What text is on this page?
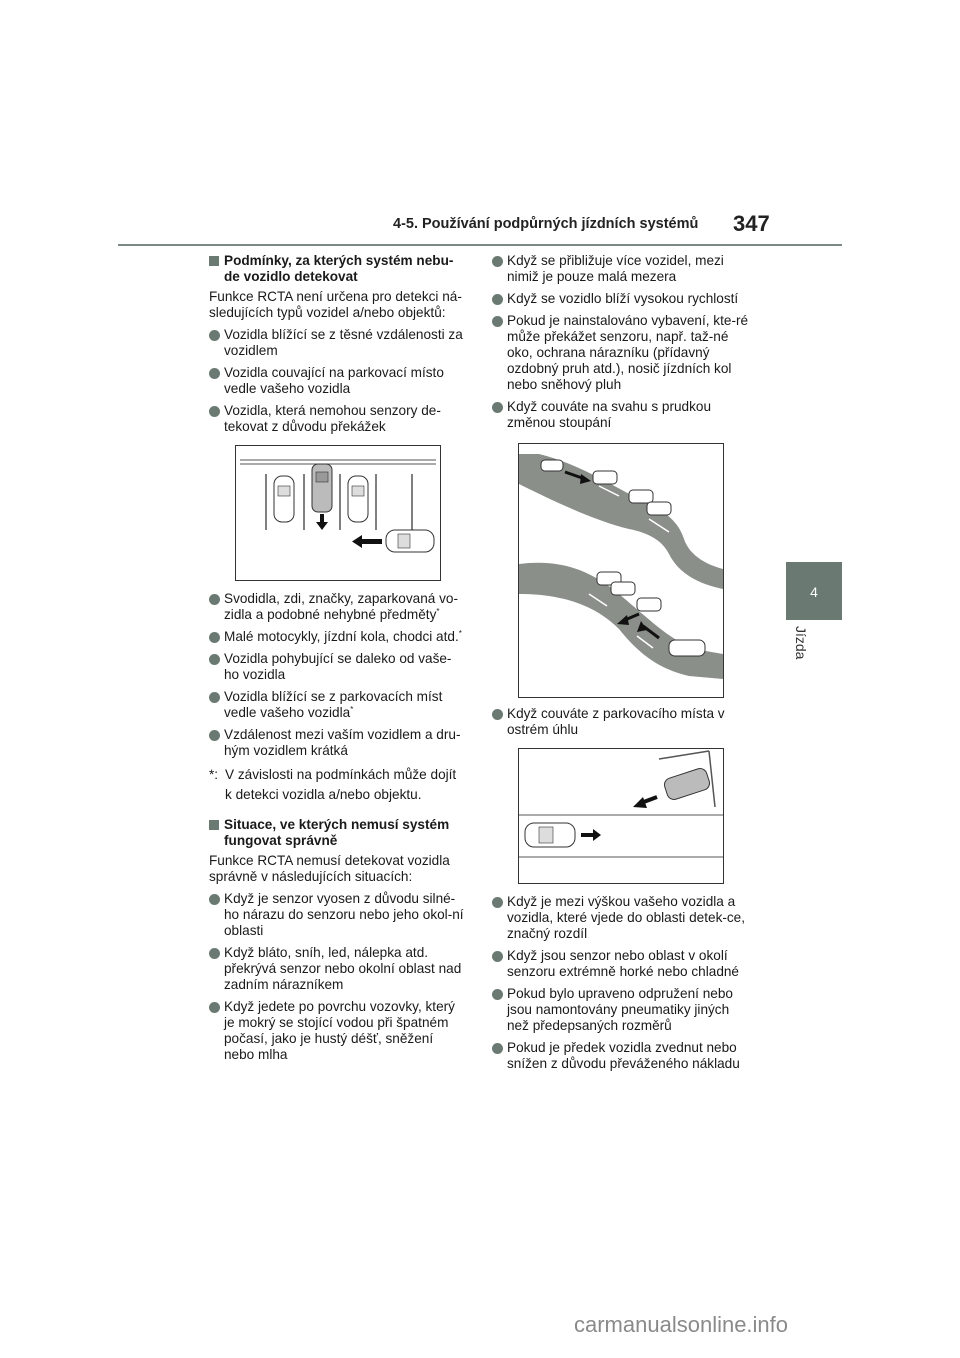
4-5. Používání podpůrných jízdních systémů 347
4
Jízda
Podmínky, za kterých systém nebu-de vozidlo detekovat

Funkce RCTA není určena pro detekci ná-sledujících typů vozidel a/nebo objektů:

Vozidla blížící se z těsné vzdálenosti za vozidlem
Vozidla couvající na parkovací místo vedle vašeho vozidla
Vozidla, která nemohou senzory de-tekovat z důvodu překážek
Svodidla, zdi, značky, zaparkovaná vo-zidla a podobné nehybné předměty*
Malé motocykly, jízdní kola, chodci atd.*
Vozidla pohybující se daleko od vaše-ho vozidla
Vozidla blížící se z parkovacích míst vedle vašeho vozidla*
Vzdálenost mezi vaším vozidlem a dru-hým vozidlem krátká
*: V závislosti na podmínkách může dojít k detekci vozidla a/nebo objektu.
Situace, ve kterých nemusí systém fungovat správně

Funkce RCTA nemusí detekovat vozidla správně v následujících situacích:

Když je senzor vyosen z důvodu silné-ho nárazu do senzoru nebo jeho okol-ní oblasti
Když bláto, sníh, led, nálepka atd. překrývá senzor nebo okolní oblast nad zadním nárazníkem
Když jedete po povrchu vozovky, který je mokrý se stojící vodou při špatném počasí, jako je hustý déšť, sněžení nebo mlha
Když se přibližuje více vozidel, mezi nimiž je pouze malá mezera
Když se vozidlo blíží vysokou rychlostí
Pokud je nainstalováno vybavení, kte-ré může překážet senzoru, např. taž-né oko, ochrana nárazníku (přídavný ozdobný pruh atd.), nosič jízdních kol nebo sněhový pluh
Když couváte na svahu s prudkou změnou stoupání
Když couváte z parkovacího místa v ostrém úhlu
Když je mezi výškou vašeho vozidla a vozidla, které vjede do oblasti detek-ce, značný rozdíl
Když jsou senzor nebo oblast v okolí senzoru extrémně horké nebo chladné
Pokud bylo upraveno odpružení nebo jsou namontovány pneumatiky jiných než předepsaných rozměrů
Pokud je předek vozidla zvednut nebo snížen z důvodu převáženého nákladu
carmanualsonline.info
